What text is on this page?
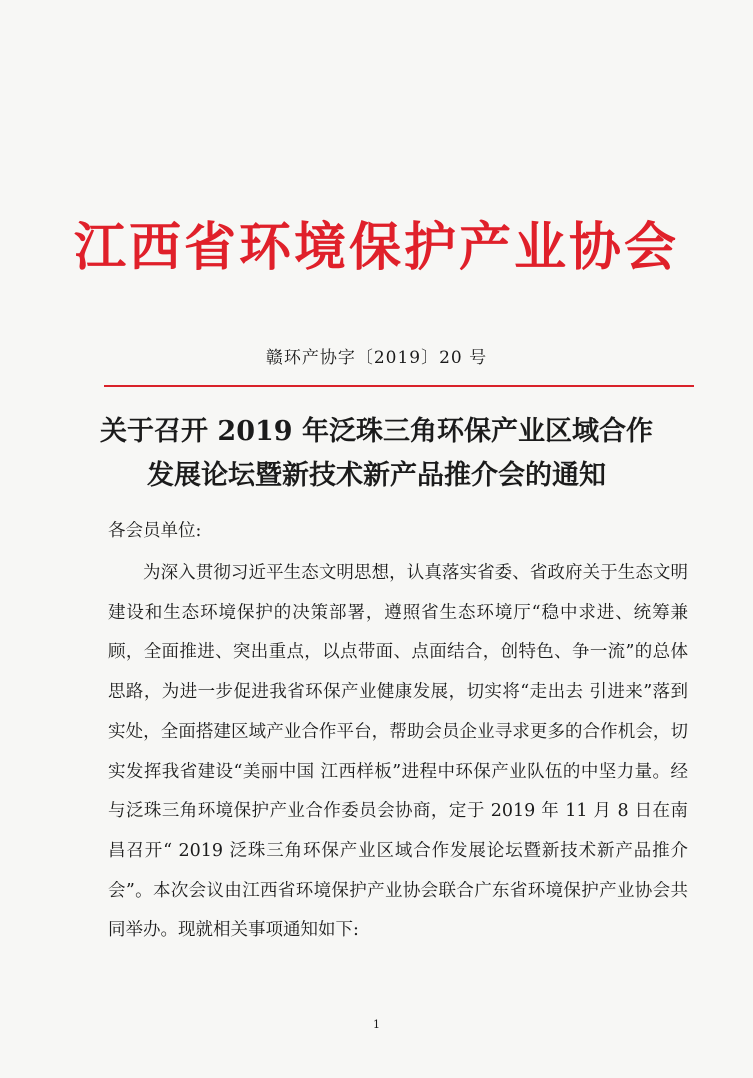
江西省环境保护产业协会
赣环产协字〔2019〕20 号
关于召开 2019 年泛珠三角环保产业区域合作
发展论坛暨新技术新产品推介会的通知
各会员单位:
为深入贯彻习近平生态文明思想，认真落实省委、省政府关于生态文明建设和生态环境保护的决策部署，遵照省生态环境厅“稳中求进、统筹兼顾，全面推进、突出重点，以点带面、点面结合，创特色、争一流”的总体思路，为进一步促进我省环保产业健康发展，切实将“走出去 引进来”落到实处，全面搭建区域产业合作平台，帮助会员企业寻求更多的合作机会，切实发挥我省建设“美丽中国 江西样板”进程中环保产业队伍的中坚力量。经与泛珠三角环境保护产业合作委员会协商，定于 2019 年 11 月 8 日在南昌召开“ 2019 泛珠三角环保产业区域合作发展论坛暨新技术新产品推介会”。本次会议由江西省环境保护产业协会联合广东省环境保护产业协会共同举办。现就相关事项通知如下:
1
